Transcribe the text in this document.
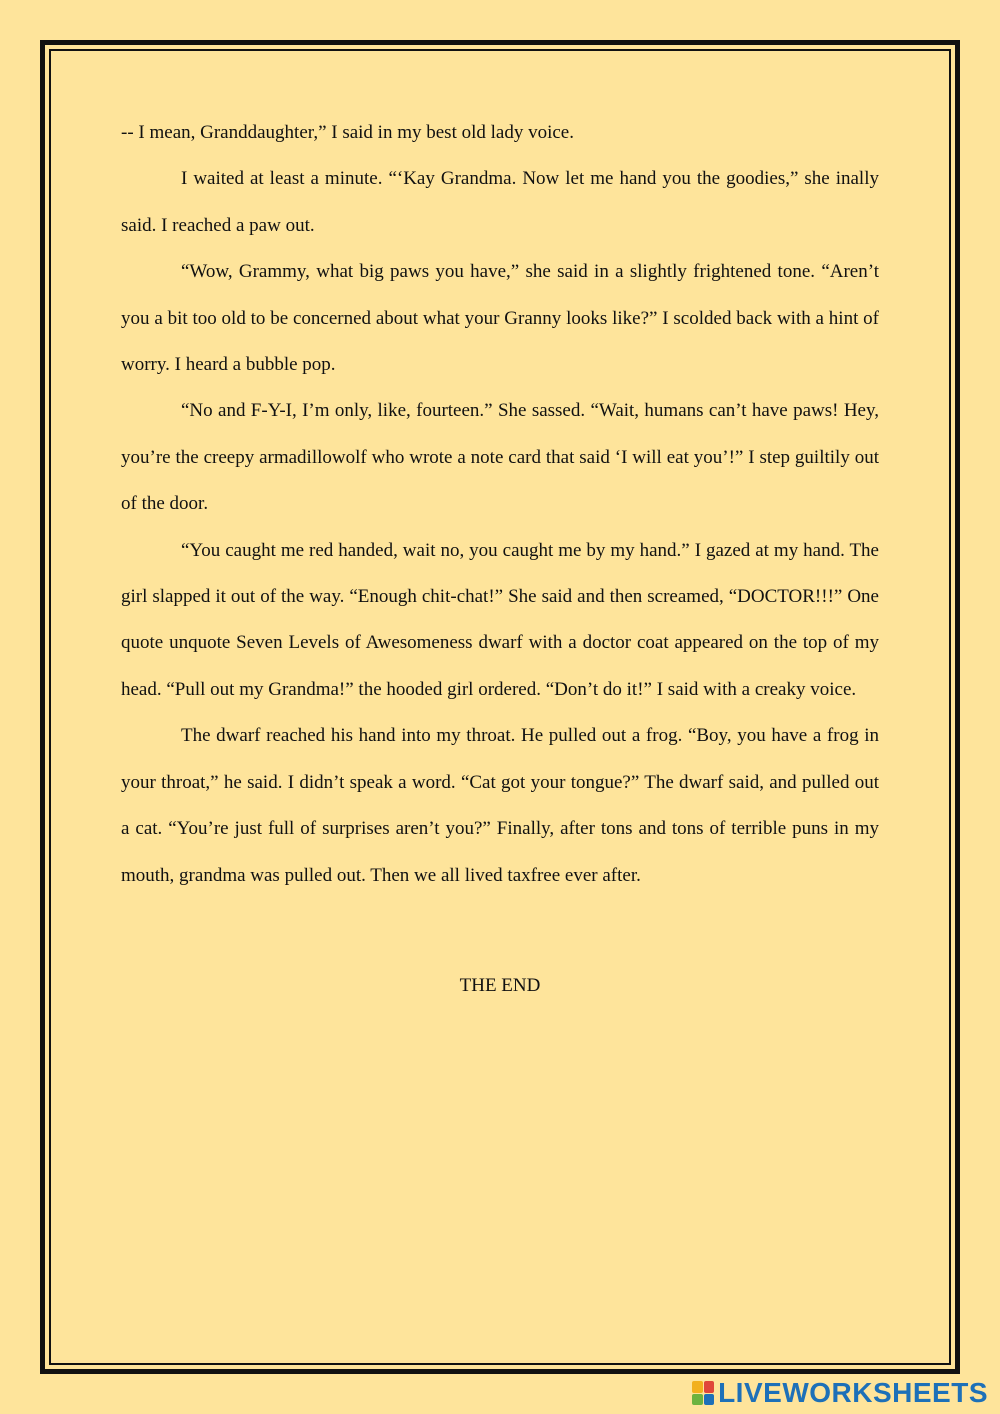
-- I mean, Granddaughter,” I said in my best old lady voice.

I waited at least a minute. “‘Kay Grandma. Now let me hand you the goodies,” she inally said. I reached a paw out.

“Wow, Grammy, what big paws you have,” she said in a slightly frightened tone. “Aren’t you a bit too old to be concerned about what your Granny looks like?” I scolded back with a hint of worry. I heard a bubble pop.

“No and F-Y-I, I’m only, like, fourteen.” She sassed. “Wait, humans can’t have paws! Hey, you’re the creepy armadillowolf who wrote a note card that said ‘I will eat you’!” I step guiltily out of the door.

“You caught me red handed, wait no, you caught me by my hand.” I gazed at my hand. The girl slapped it out of the way. “Enough chit-chat!” She said and then screamed, “DOCTOR!!!” One quote unquote Seven Levels of Awesomeness dwarf with a doctor coat appeared on the top of my head. “Pull out my Grandma!” the hooded girl ordered. “Don’t do it!” I said with a creaky voice.

The dwarf reached his hand into my throat. He pulled out a frog. “Boy, you have a frog in your throat,” he said. I didn’t speak a word. “Cat got your tongue?” The dwarf said, and pulled out a cat. “You’re just full of surprises aren’t you?” Finally, after tons and tons of terrible puns in my mouth, grandma was pulled out. Then we all lived taxfree ever after.

THE END
LIVEWORKSHEETS
